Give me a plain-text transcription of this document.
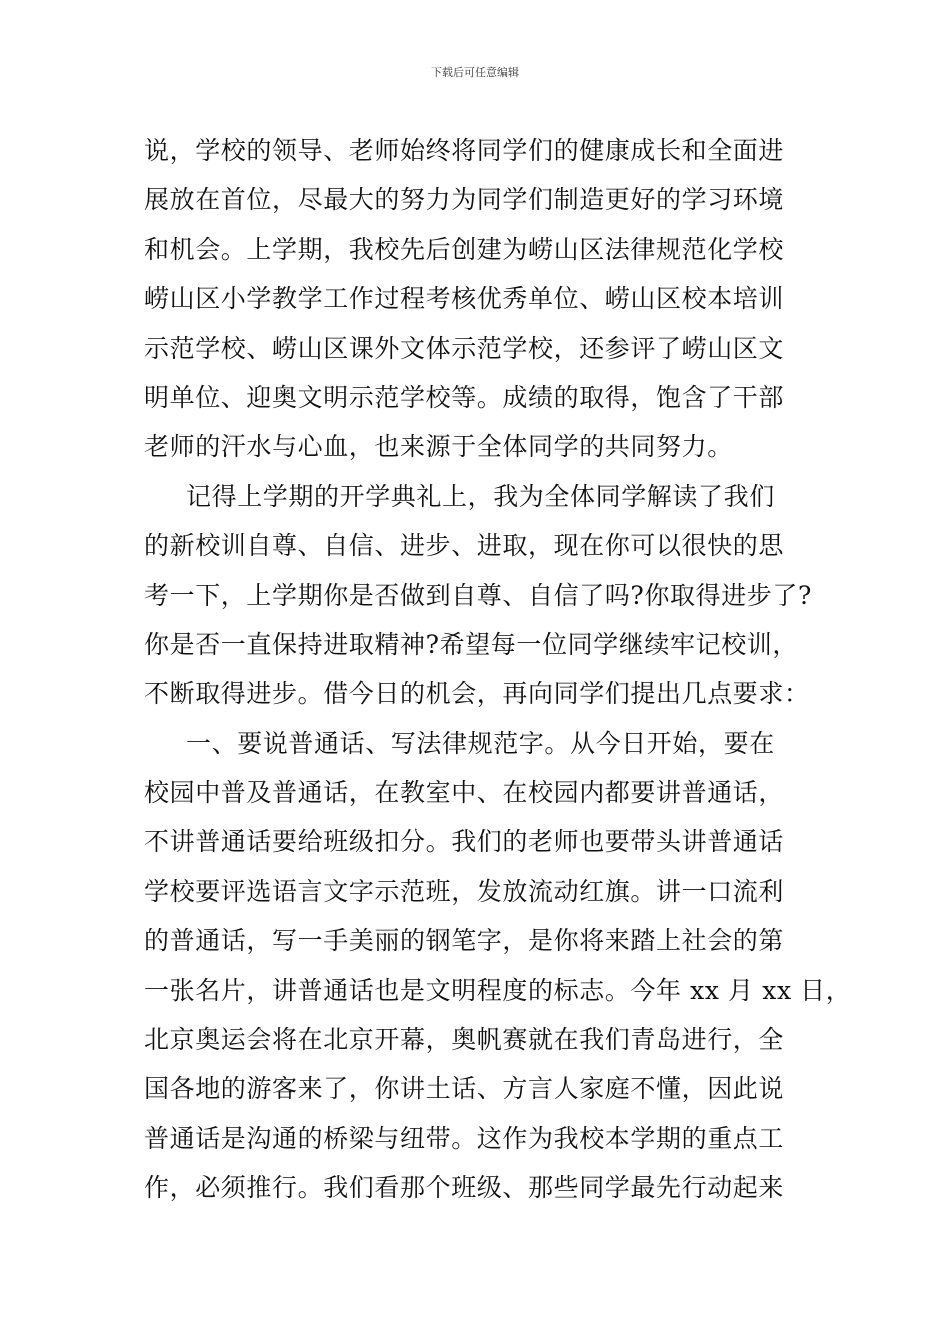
下载后可任意编辑
说，学校的领导、老师始终将同学们的健康成长和全面进
展放在首位，尽最大的努力为同学们制造更好的学习环境
和机会。上学期，我校先后创建为崂山区法律规范化学校
崂山区小学教学工作过程考核优秀单位、崂山区校本培训
示范学校、崂山区课外文体示范学校，还参评了崂山区文
明单位、迎奥文明示范学校等。成绩的取得，饱含了干部
老师的汗水与心血，也来源于全体同学的共同努力。
记得上学期的开学典礼上，我为全体同学解读了我们
的新校训自尊、自信、进步、进取，现在你可以很快的思
考一下，上学期你是否做到自尊、自信了吗?你取得进步了?
你是否一直保持进取精神?希望每一位同学继续牢记校训，
不断取得进步。借今日的机会，再向同学们提出几点要求：
一、要说普通话、写法律规范字。从今日开始，要在
校园中普及普通话，在教室中、在校园内都要讲普通话，
不讲普通话要给班级扣分。我们的老师也要带头讲普通话
学校要评选语言文字示范班，发放流动红旗。讲一口流利
的普通话，写一手美丽的钢笔字，是你将来踏上社会的第
一张名片，讲普通话也是文明程度的标志。今年 xx 月 xx 日，
北京奥运会将在北京开幕，奥帆赛就在我们青岛进行，全
国各地的游客来了，你讲土话、方言人家庭不懂，因此说
普通话是沟通的桥梁与纽带。这作为我校本学期的重点工
作，必须推行。我们看那个班级、那些同学最先行动起来
